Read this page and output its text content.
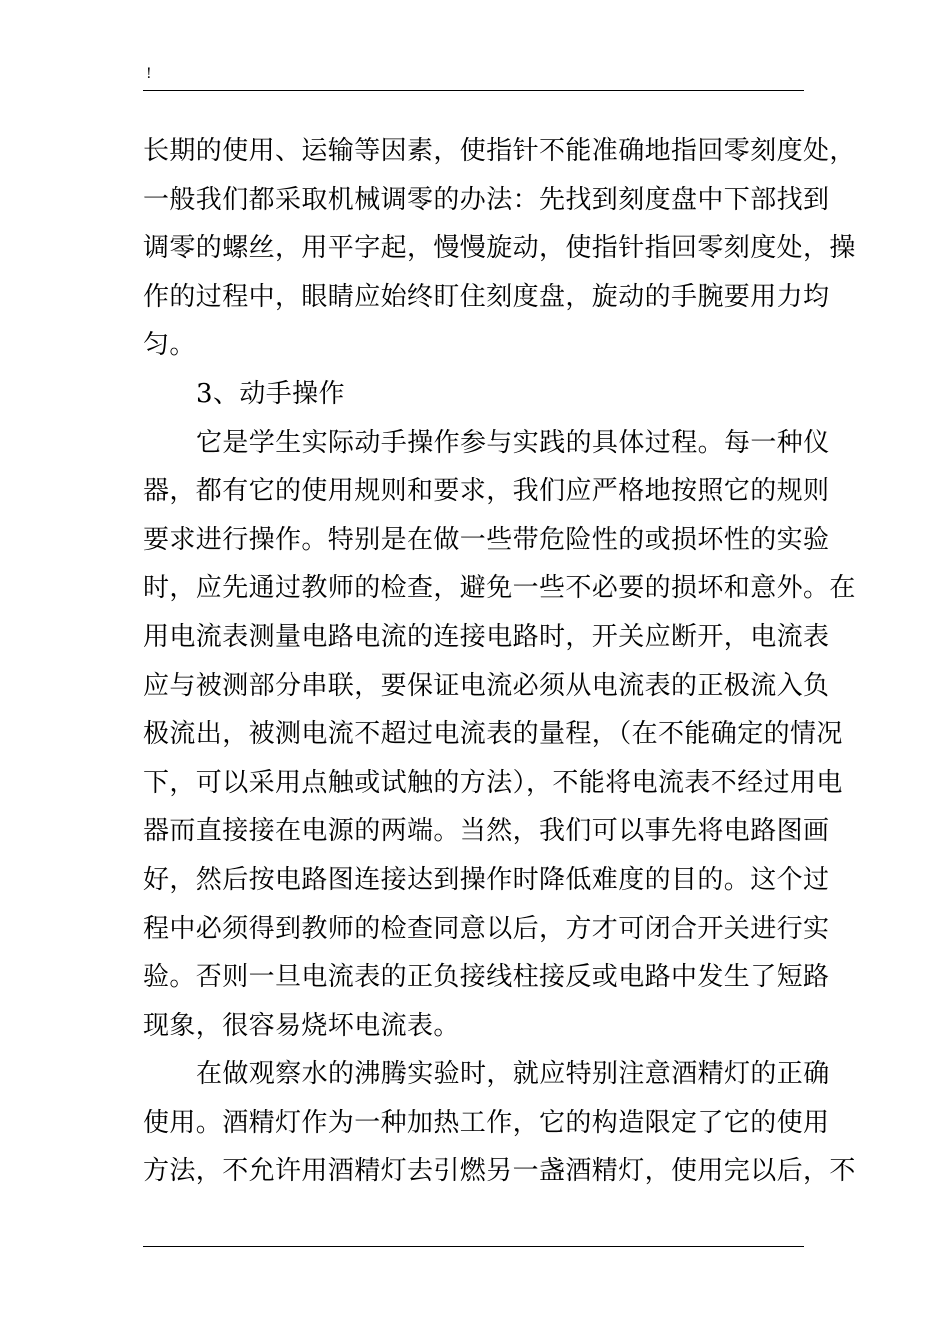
!
长期的使用、运输等因素，使指针不能准确地指回零刻度处，
一般我们都采取机械调零的办法：先找到刻度盘中下部找到
调零的螺丝，用平字起，慢慢旋动，使指针指回零刻度处，操
作的过程中，眼睛应始终盯住刻度盘，旋动的手腕要用力均
匀。
3、动手操作
它是学生实际动手操作参与实践的具体过程。每一种仪
器，都有它的使用规则和要求，我们应严格地按照它的规则
要求进行操作。特别是在做一些带危险性的或损坏性的实验
时，应先通过教师的检查，避免一些不必要的损坏和意外。在
用电流表测量电路电流的连接电路时，开关应断开，电流表
应与被测部分串联，要保证电流必须从电流表的正极流入负
极流出，被测电流不超过电流表的量程，（在不能确定的情况
下，可以采用点触或试触的方法），不能将电流表不经过用电
器而直接接在电源的两端。当然，我们可以事先将电路图画
好，然后按电路图连接达到操作时降低难度的目的。这个过
程中必须得到教师的检查同意以后，方才可闭合开关进行实
验。否则一旦电流表的正负接线柱接反或电路中发生了短路
现象，很容易烧坏电流表。
在做观察水的沸腾实验时，就应特别注意酒精灯的正确
使用。酒精灯作为一种加热工作，它的构造限定了它的使用
方法，不允许用酒精灯去引燃另一盏酒精灯，使用完以后，不
